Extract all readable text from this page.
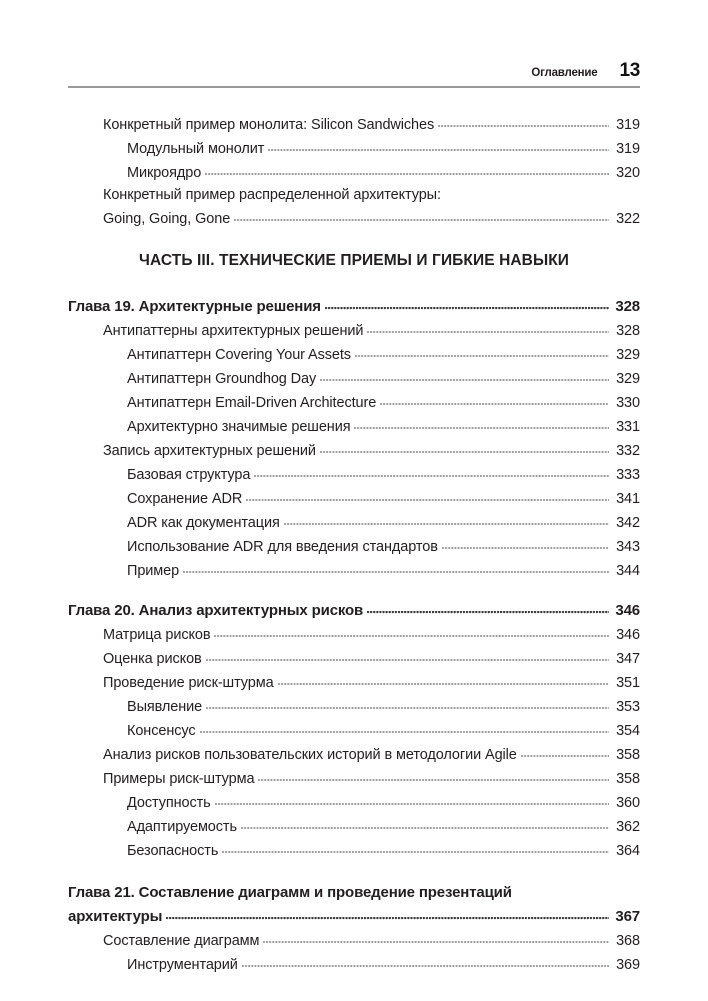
Оглавление 13
Конкретный пример монолита: Silicon Sandwiches	319
Модульный монолит	319
Микроядро	320
Конкретный пример распределенной архитектуры:
Going, Going, Gone	322
ЧАСТЬ III. ТЕХНИЧЕСКИЕ ПРИЕМЫ И ГИБКИЕ НАВЫКИ
Глава 19. Архитектурные решения	328
Антипаттерны архитектурных решений	328
Антипаттерн Covering Your Assets	329
Антипаттерн Groundhog Day	329
Антипаттерн Email-Driven Architecture	330
Архитектурно значимые решения	331
Запись архитектурных решений	332
Базовая структура	333
Сохранение ADR	341
ADR как документация	342
Использование ADR для введения стандартов	343
Пример	344
Глава 20. Анализ архитектурных рисков	346
Матрица рисков	346
Оценка рисков	347
Проведение риск-штурма	351
Выявление	353
Консенсус	354
Анализ рисков пользовательских историй в методологии Agile	358
Примеры риск-штурма	358
Доступность	360
Адаптируемость	362
Безопасность	364
Глава 21. Составление диаграмм и проведение презентаций
архитектуры	367
Составление диаграмм	368
Инструментарий	369
